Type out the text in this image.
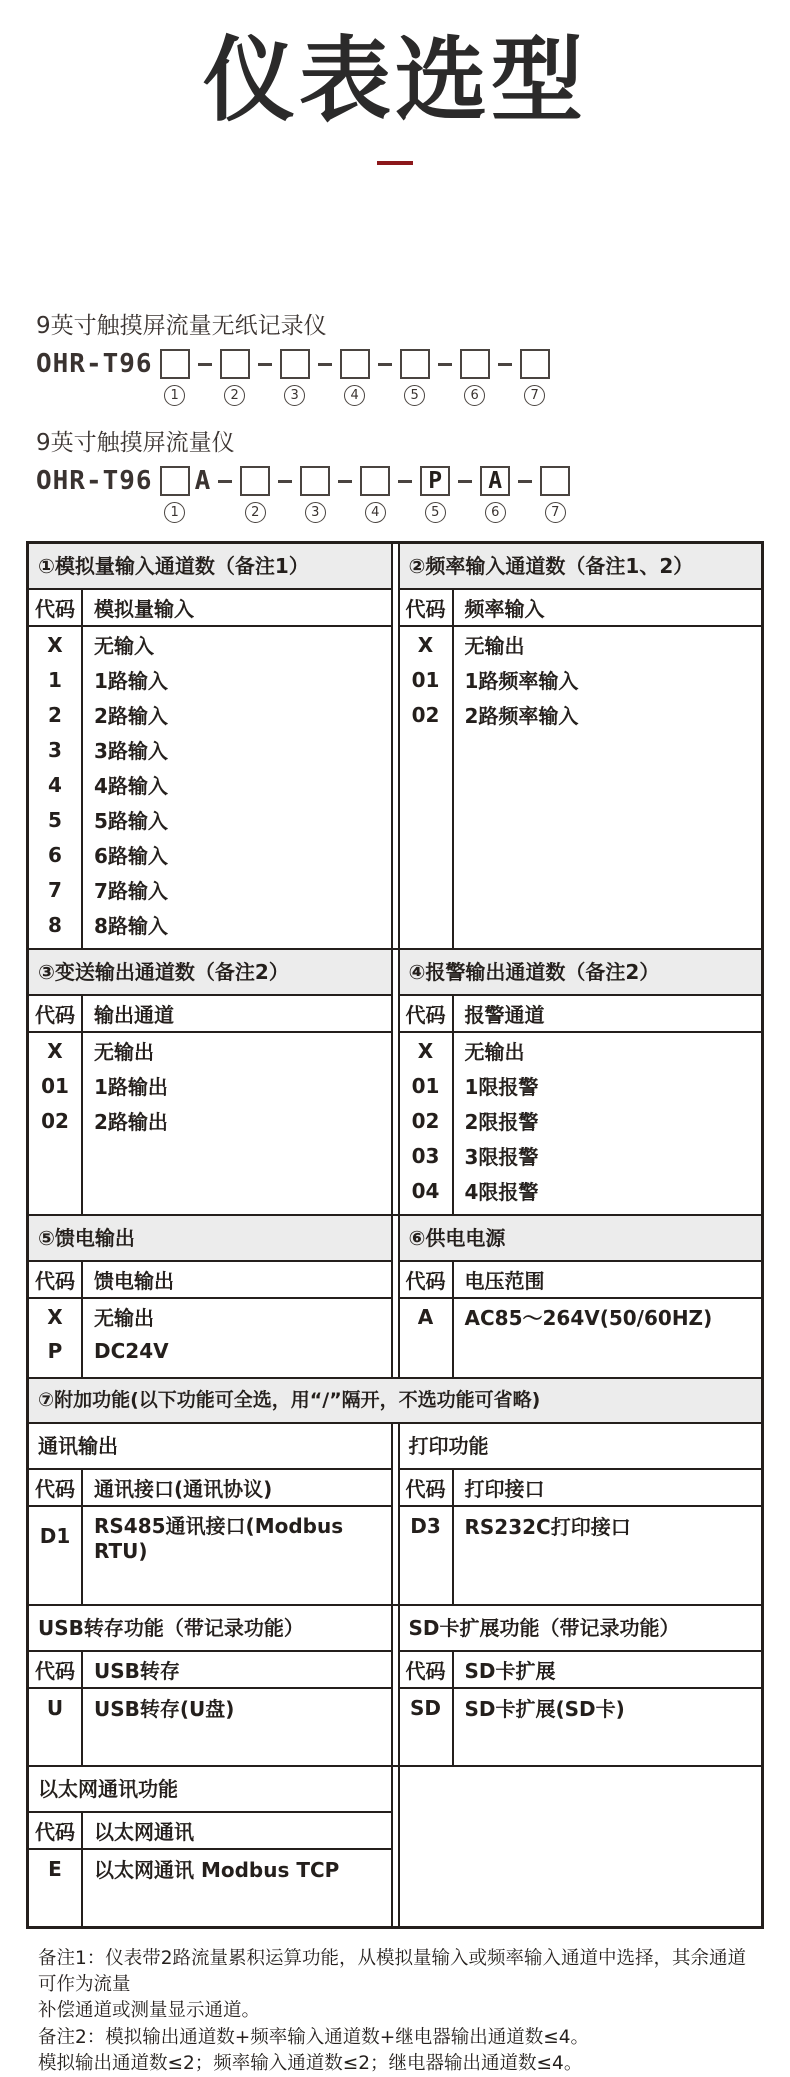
仪表选型
9英寸触摸屏流量无纸记录仪
OHR-T96
1	2	3	4	5	6	7
9英寸触摸屏流量仪
OHR-T96
1
A
2	3	4
P
5
A
6	7
①模拟量输入通道数（备注1）
代码 模拟量输入
X	无输入
1	1路输入
2	2路输入
3	3路输入
4	4路输入
5	5路输入
6	6路输入
7	7路输入
8	8路输入
②频率输入通道数（备注1、2）
代码 频率输入
X	无输出
01	1路频率输入
02	2路频率输入
③变送输出通道数（备注2）
代码 输出通道
X	无输出
01	1路输出
02	2路输出
④报警输出通道数（备注2）
代码 报警通道
X	无输出
01	1限报警
02	2限报警
03	3限报警
04	4限报警
⑤馈电输出
代码 馈电输出
X	无输出
P	DC24V
⑥供电电源
代码 电压范围
A	AC85～264V(50/60HZ)
⑦附加功能(以下功能可全选，用“/”隔开，不选功能可省略)
通讯输出
代码 通讯接口(通讯协议)
D1	RS485通讯接口(Modbus RTU)
打印功能
代码 打印接口
D3	RS232C打印接口
USB转存功能（带记录功能）
代码 USB转存
U	USB转存(U盘)
SD卡扩展功能（带记录功能）
代码 SD卡扩展
SD	SD卡扩展(SD卡)
以太网通讯功能
代码 以太网通讯
E	以太网通讯 Modbus TCP
备注1：仪表带2路流量累积运算功能，从模拟量输入或频率输入通道中选择，其余通道可作为流量
补偿通道或测量显示通道。
备注2：模拟输出通道数+频率输入通道数+继电器输出通道数≤4。
模拟输出通道数≤2；频率输入通道数≤2；继电器输出通道数≤4。
